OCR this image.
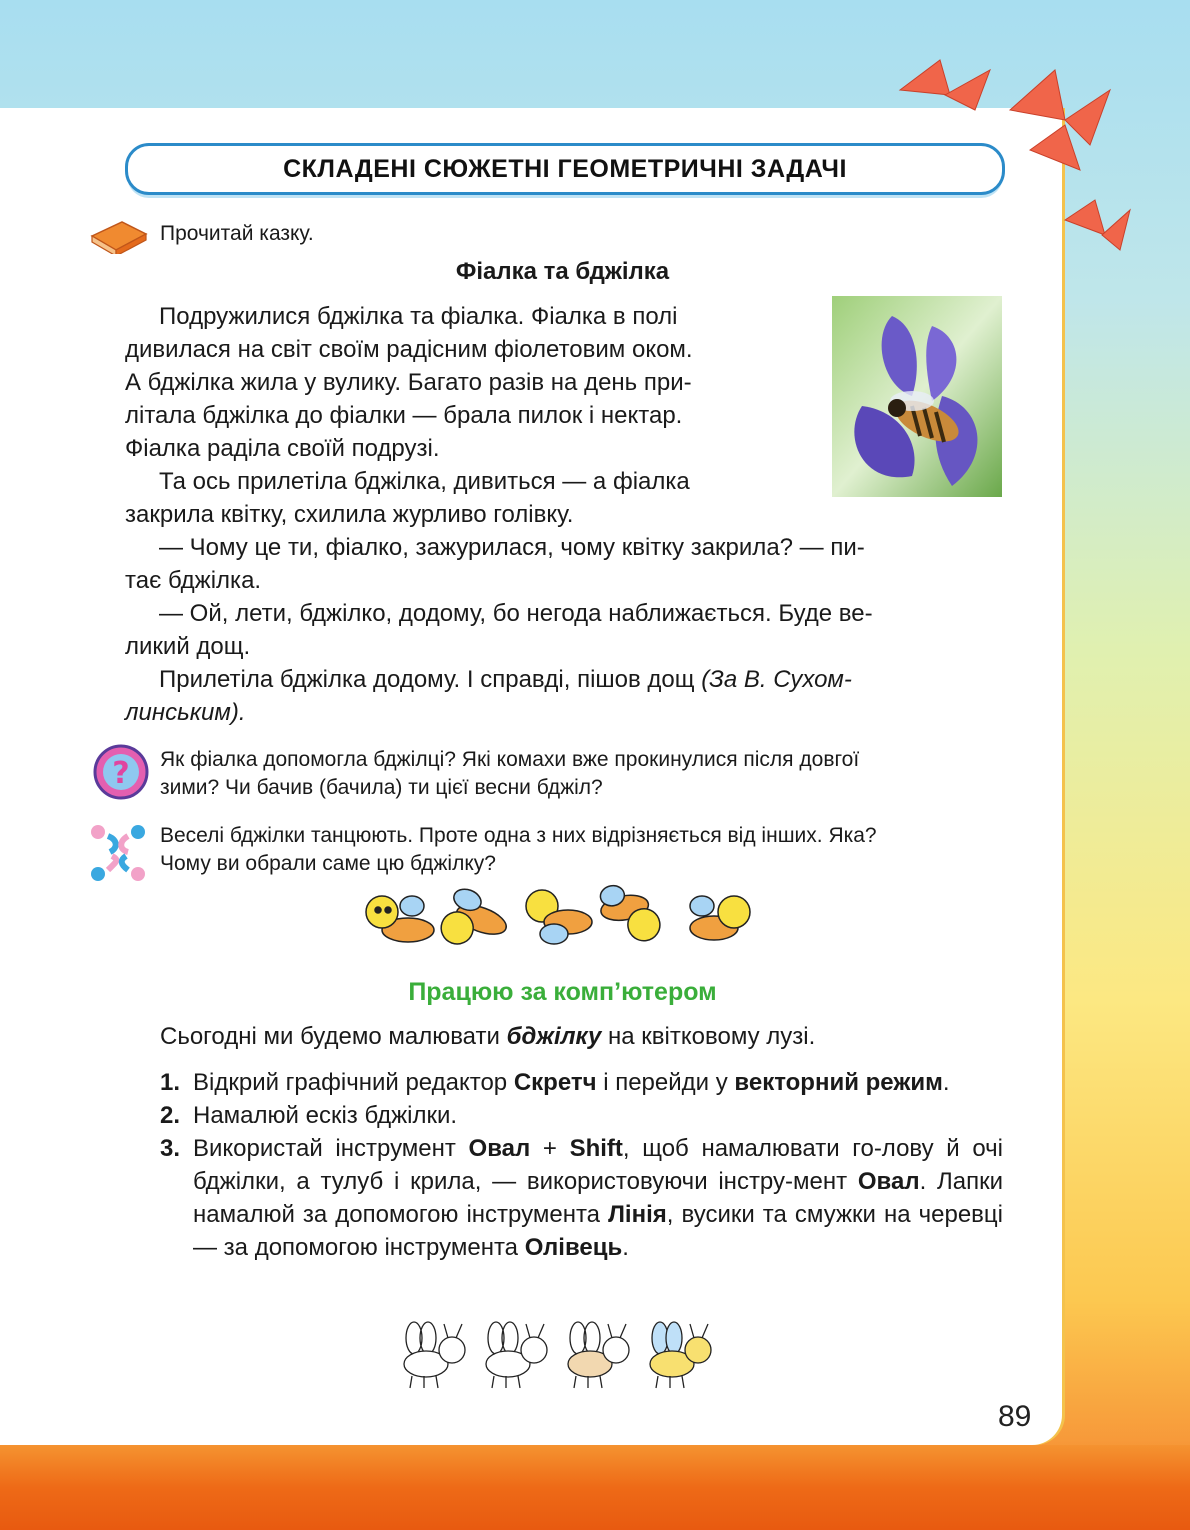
СКЛАДЕНІ СЮЖЕТНІ ГЕОМЕТРИЧНІ ЗАДАЧІ
Прочитай казку.
Фіалка та бджілка
Подружилися бджілка та фіалка. Фіалка в полі
дивилася на світ своїм радісним фіолетовим оком.
А бджілка жила у вулику. Багато разів на день при-
літала бджілка до фіалки — брала пилок і нектар.
Фіалка раділа своїй подрузі.
Та ось прилетіла бджілка, дивиться — а фіалка
закрила квітку, схилила журливо голівку.
— Чому це ти, фіалко, зажурилася, чому квітку закрила? — пи-
тає бджілка.
— Ой, лети, бджілко, додому, бо негода наближається. Буде ве-
ликий дощ.
Прилетіла бджілка додому. І справді, пішов дощ (За В. Сухом-
линським).
? Як фіалка допомогла бджілці? Які комахи вже прокинулися після довгої
зими? Чи бачив (бачила) ти цієї весни бджіл?
Веселі бджілки танцюють. Проте одна з них відрізняється від інших. Яка?
Чому ви обрали саме цю бджілку?
Працюю за комп’ютером
Сьогодні ми будемо малювати бджілку на квітковому лузі.
1. Відкрий графічний редактор Скретч і перейди у векторний режим.
2. Намалюй ескіз бджілки.
3. Використай інструмент Овал + Shift, щоб намалювати го-лову й очі бджілки, а тулуб і крила, — використовуючи інстру-мент Овал. Лапки намалюй за допомогою інструмента Лінія, вусики та смужки на черевці — за допомогою інструмента Олівець.
89
